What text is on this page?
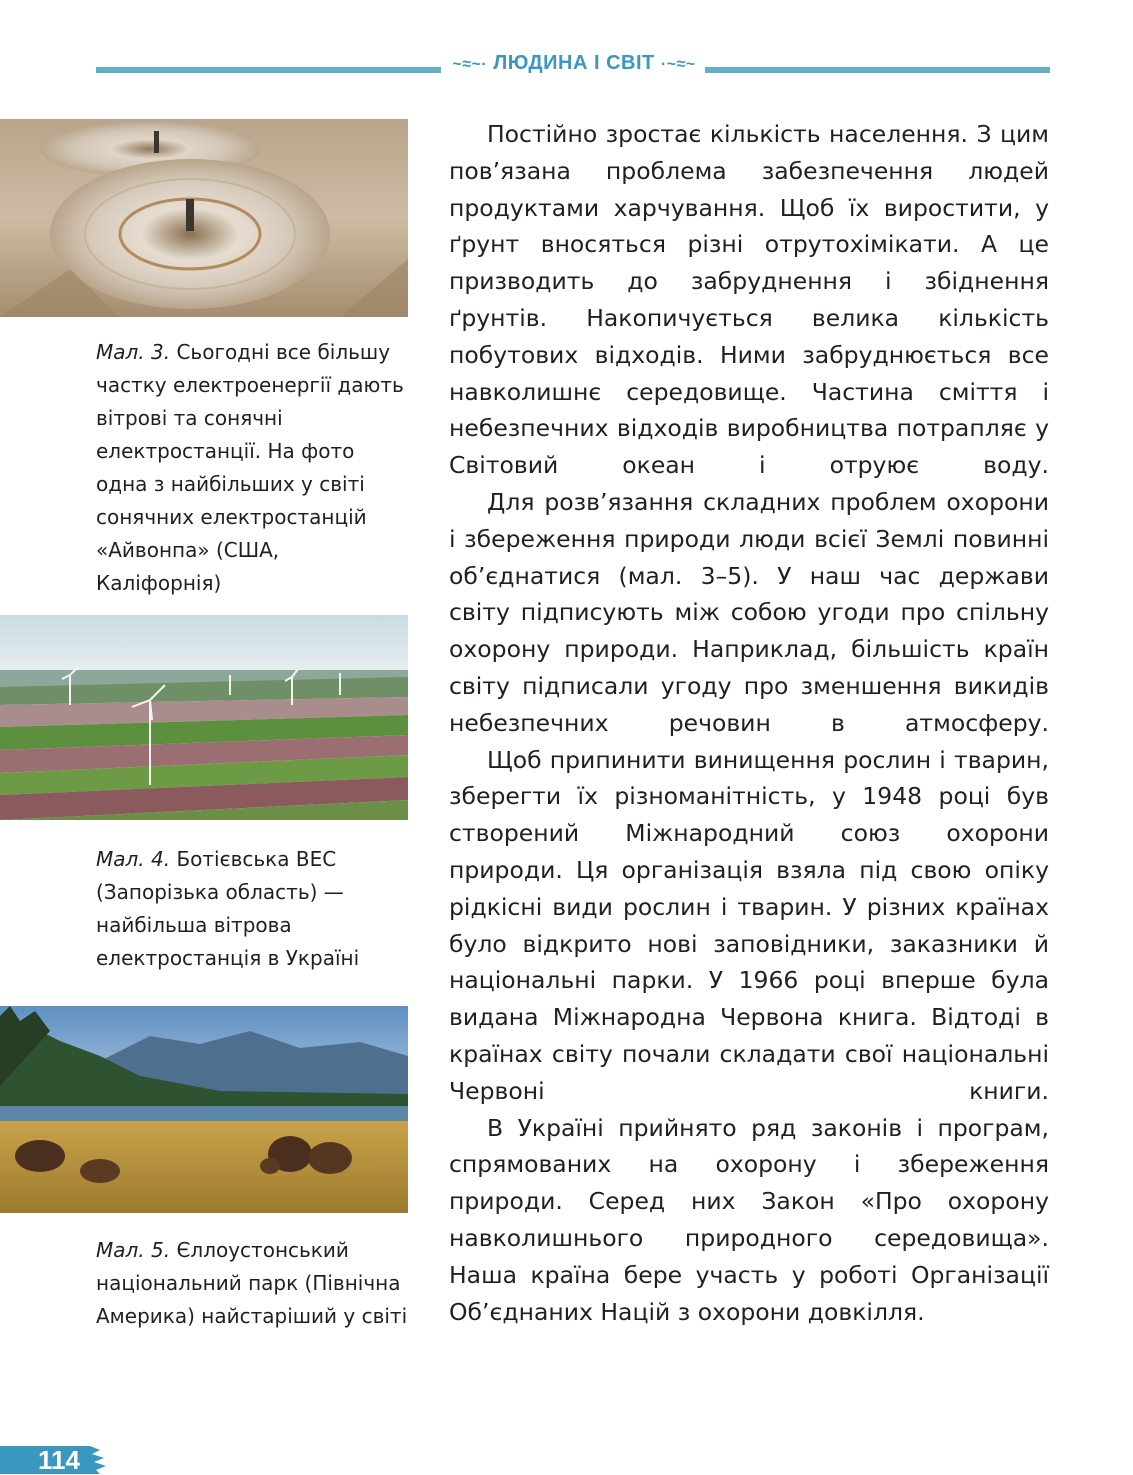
~≈~· ЛЮДИНА І СВІТ ·~≈~
Мал. 3. Сьогодні все більшу частку електроенергії дають вітрові та сонячні електростанції. На фото одна з найбільших у світі сонячних електростанцій «Айвонпа» (США, Каліфорнія)
Мал. 4. Ботієвська ВЕС (Запорізька область) — найбільша вітрова електростанція в Україні
Мал. 5. Єллоустонський національний парк (Північна Америка) найстаріший у світі

Постійно зростає кількість населення. З цим пов’язана проблема забезпечення людей продуктами харчування. Щоб їх виростити, у ґрунт вносяться різні отрутохімікати. А це призводить до забруднення і збіднення ґрунтів. Накопичується велика кількість побутових відходів. Ними забруднюється все навколишнє середовище. Частина сміття і небезпечних відходів виробництва потрапляє у Світовий океан і отруює воду.

Для розв’язання складних проблем охорони і збереження природи люди всієї Землі повинні об’єднатися (мал. 3–5). У наш час держави світу підписують між собою угоди про спільну охорону природи. Наприклад, більшість країн світу підписали угоду про зменшення викидів небезпечних речовин в атмосферу.

Щоб припинити винищення рослин і тварин, зберегти їх різноманітність, у 1948 році був створений Міжнародний союз охорони природи. Ця організація взяла під свою опіку рідкісні види рослин і тварин. У різних країнах було відкрито нові заповідники, заказники й національні парки. У 1966 році вперше була видана Міжнародна Червона книга. Відтоді в країнах світу почали складати свої національні Червоні книги.

В Україні прийнято ряд законів і програм, спрямованих на охорону і збереження природи. Серед них Закон «Про охорону навколишнього природного середовища». Наша країна бере участь у роботі Організації Об’єднаних Націй з охорони довкілля.

114
